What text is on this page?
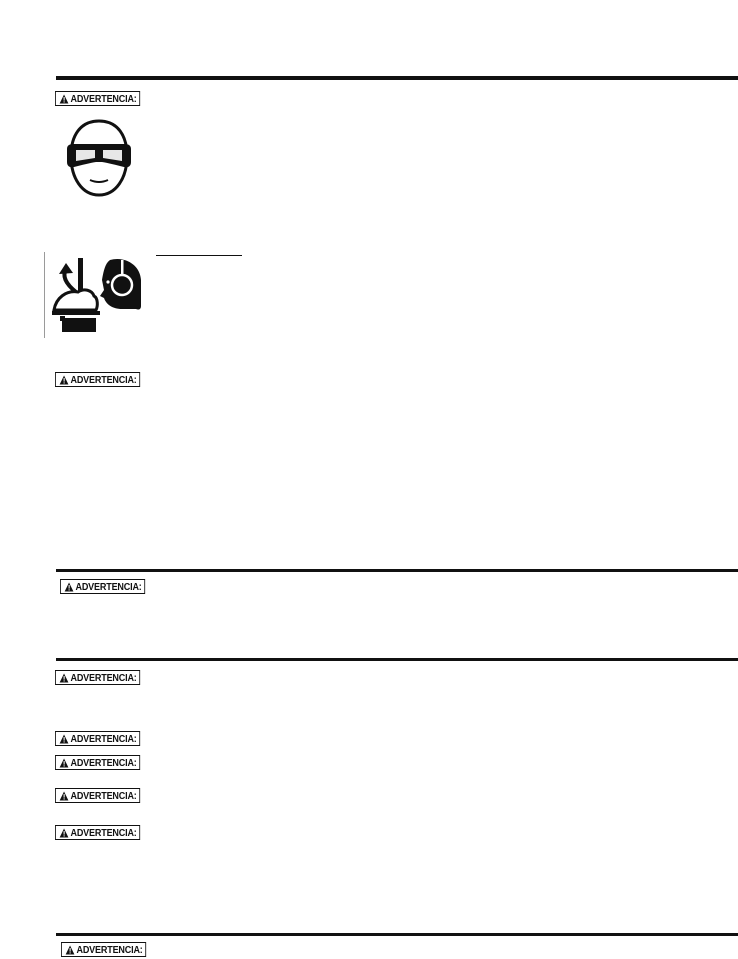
ADVERTENCIA:
ADVERTENCIA:
ADVERTENCIA:
ADVERTENCIA:
ADVERTENCIA:
ADVERTENCIA:
ADVERTENCIA:
ADVERTENCIA:
ADVERTENCIA:
